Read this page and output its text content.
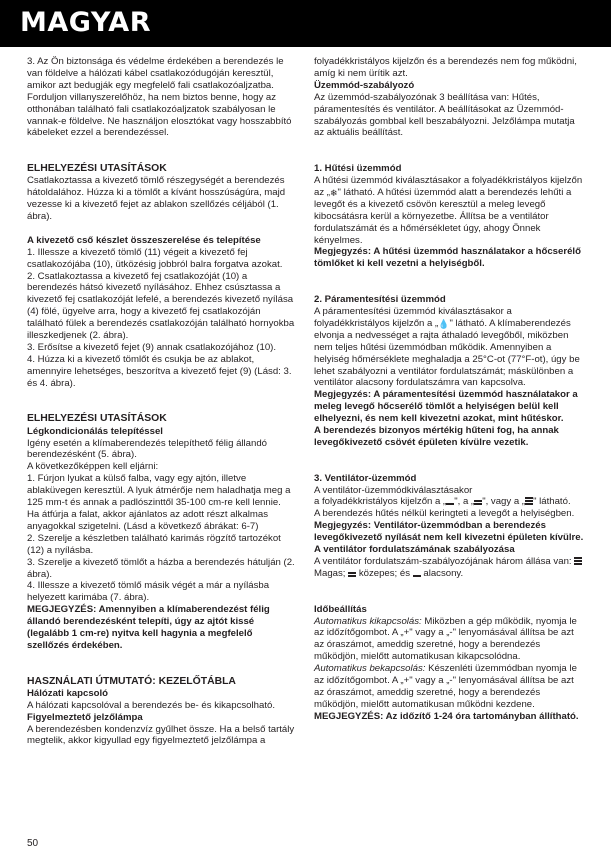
MAGYAR

3. Az Ön biztonsága és védelme érdekében a berendezés le van földelve a hálózati kábel csatlakozódugóján keresztül, amikor azt bedugják egy megfelelő fali csatlakozóaljzatba. Forduljon villanyszerelőhöz, ha nem biztos benne, hogy az otthonában található fali csatlakozóaljzatok szabályosan le vannak-e földelve. Ne használjon elosztókat vagy hosszabbító kábeleket ezzel a berendezéssel.

ELHELYEZÉSI UTASÍTÁSOK

Csatlakoztassa a kivezető tömlő részegységét a berendezés hátoldalához. Húzza ki a tömlőt a kívánt hosszúságúra, majd vezesse ki a kivezető fejet az ablakon szellőzés céljából (1. ábra).

A kivezető cső készlet összeszerelése és telepítése

1. Illessze a kivezető tömlő (11) végeit a kivezető fej csatlakozójába (10), ütközésig jobbról balra forgatva azokat.

2. Csatlakoztassa a kivezető fej csatlakozóját (10) a berendezés hátsó kivezető nyílásához. Ehhez csúsztassa a kivezető fej csatlakozóját lefelé, a berendezés kivezető nyílása (4) fölé, ügyelve arra, hogy a kivezető fej csatlakozóján található fülek a berendezés csatlakozóján található hornyokba illeszkedjenek (2. ábra).

3. Erősítse a kivezető fejet (9) annak csatlakozójához (10).

4. Húzza ki a kivezető tömlőt és csukja be az ablakot, amennyire lehetséges, beszorítva a kivezető fejet (9) (Lásd: 3. és 4. ábra).

ELHELYEZÉSI UTASÍTÁSOK

Légkondicionálás telepítéssel

Igény esetén a klímaberendezés telepíthető félig állandó berendezésként (5. ábra).

A következőképpen kell eljárni:

1. Fúrjon lyukat a külső falba, vagy egy ajtón, illetve ablaküvegen keresztül. A lyuk átmérője nem haladhatja meg a 125 mm-t és annak a padlószinttől 35-100 cm-re kell lennie. Ha átfúrja a falat, akkor ajánlatos az adott részt alkalmas anyagokkal szigetelni. (Lásd a következő ábrákat: 6-7)

2. Szerelje a készletben található karimás rögzítő tartozékot (12) a nyílásba.

3. Szerelje a kivezető tömlőt a házba a berendezés hátulján (2. ábra).

4. Illessze a kivezető tömlő másik végét a már a nyílásba helyezett karimába (7. ábra).

MEGJEGYZÉS: Amennyiben a klímaberendezést félig állandó berendezésként telepíti, úgy az ajtót kissé (legalább 1 cm-re) nyitva kell hagynia a megfelelő szellőzés érdekében.

HASZNÁLATI ÚTMUTATÓ: KEZELŐTÁBLA

Hálózati kapcsoló

A hálózati kapcsolóval a berendezés be- és kikapcsolható.

Figyelmeztető jelzőlámpa

A berendezésben kondenzvíz gyűlhet össze. Ha a belső tartály megtelik, akkor kigyullad egy figyelmeztető jelzőlámpa a

folyadékkristályos kijelzőn és a berendezés nem fog működni, amíg ki nem ürítik azt.

Üzemmód-szabályozó

Az üzemmód-szabályozónak 3 beállítása van: Hűtés, páramentesítés és ventilátor. A beállításokat az Üzemmód-szabályozás gombbal kell beszabályozni. Jelzőlámpa mutatja az aktuális beállítást.

1. Hűtési üzemmód

A hűtési üzemmód kiválasztásakor a folyadékkristályos kijelzőn az „❄" látható. A hűtési üzemmód alatt a berendezés lehűti a levegőt és a kivezető csövön keresztül a meleg levegő kibocsátásra kerül a környezetbe. Állítsa be a ventilátor fordulatszámát és a hőmérsékletet úgy, ahogy Önnek kényelmes.

Megjegyzés: A hűtési üzemmód használatakor a hőcserélő tömlőket ki kell vezetni a helyiségből.

2. Páramentesítési üzemmód

A páramentesítési üzemmód kiválasztásakor a folyadékkristályos kijelzőn a „💧" látható. A klímaberendezés elvonja a nedvességet a rajta áthaladó levegőből, miközben nem teljes hűtési üzemmódban működik. Amennyiben a helyiség hőmérséklete meghaladja a 25°C-ot (77°F-ot), úgy be lehet szabályozni a ventilátor fordulatszámát; máskülönben a ventilátor alacsony fordulatszámra van kapcsolva.

Megjegyzés: A páramentesítési üzemmód használatakor a meleg levegő hőcserélő tömlőt a helyiségen belül kell elhelyezni, és nem kell kivezetni azokat, mint hűtéskor.

A berendezés bizonyos mértékig hűteni fog, ha annak levegőkivezető csövét épületen kívülre vezetik.

3. Ventilátor-üzemmód

A ventilátor-üzemmódkiválasztásakor

a folyadékkristályos kijelzőn a „ ", a „ ", vagy a „ " látható.

A berendezés hűtés nélkül keringteti a levegőt a helyiségben.

Megjegyzés: Ventilátor-üzemmódban a berendezés levegőkivezető nyílását nem kell kivezetni épületen kívülre.

A ventilátor fordulatszámának szabályozása

A ventilátor fordulatszám-szabályozójának három állása van:
Magas; közepes; és alacsony.

Időbeállítás

Automatikus kikapcsolás: Miközben a gép működik, nyomja le az időzítőgombot. A „+" vagy a „-" lenyomásával állítsa be azt az óraszámot, ameddig szeretné, hogy a berendezés működjön, mielőtt automatikusan kikapcsolódna.

Automatikus bekapcsolás: Készenléti üzemmódban nyomja le az időzítőgombot. A „+" vagy a „-" lenyomásával állítsa be azt az óraszámot, ameddig szeretné, hogy a berendezés működjön, mielőtt automatikusan működni kezdene.

MEGJEGYZÉS: Az időzítő 1-24 óra tartományban állítható.

50
